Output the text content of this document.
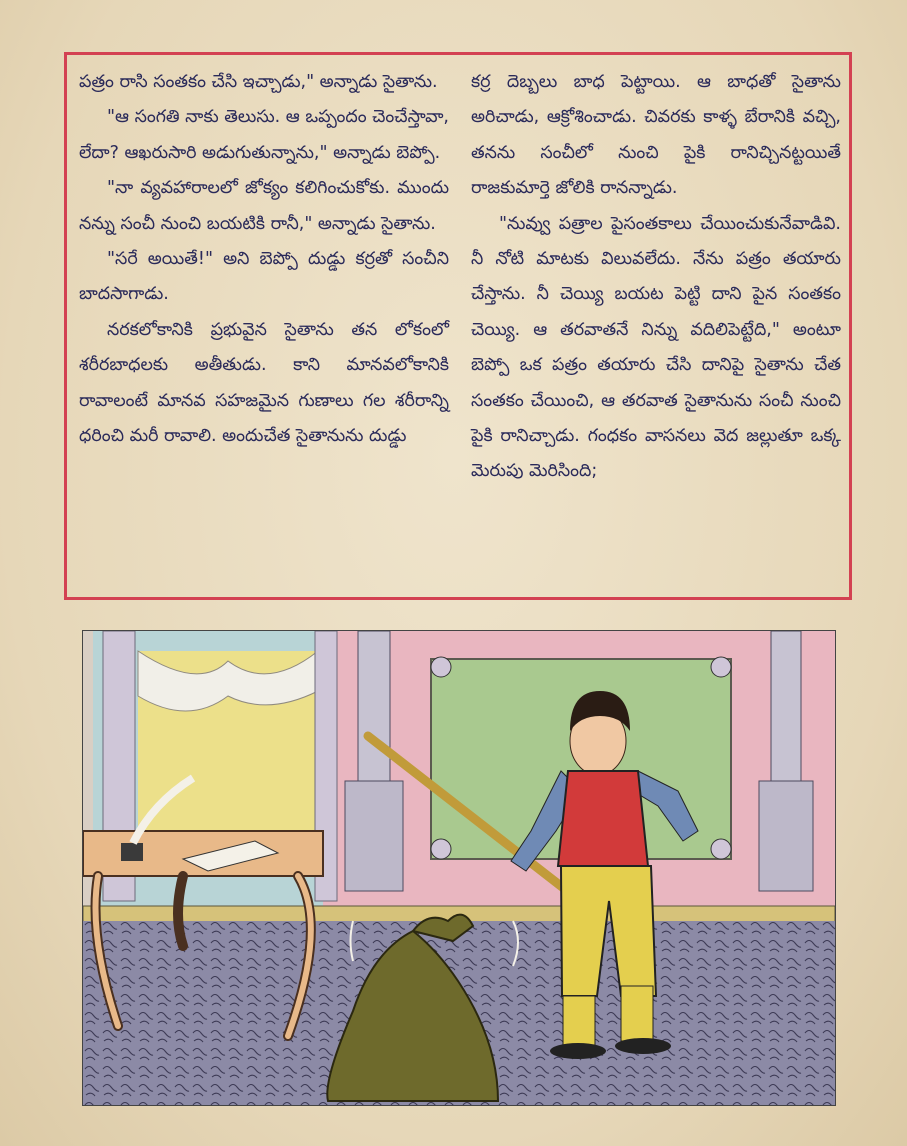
పత్రం రాసి సంతకం చేసి ఇచ్చాడు," అన్నాడు సైతాను.

"ఆ సంగతి నాకు తెలుసు. ఆ ఒప్పందం చెంచేస్తావా, లేదా? ఆఖరుసారి అడుగుతున్నాను," అన్నాడు బెప్పో.

"నా వ్యవహారాలలో జోక్యం కలిగించుకోకు. ముందు నన్ను సంచీ నుంచి బయటికి రానీ," అన్నాడు సైతాను.

"సరే అయితే!" అని బెప్పో దుడ్డు కర్రతో సంచీని బాదసాగాడు.

నరకలోకానికి ప్రభువైన సైతాను తన లోకంలో శరీరబాధలకు అతీతుడు. కాని మానవలోకానికి రావాలంటే మానవ సహజమైన గుణాలు గల శరీరాన్ని ధరించి మరీ రావాలి. అందుచేత సైతానును దుడ్డు

కర్ర దెబ్బలు బాధ పెట్టాయి. ఆ బాధతో సైతాను అరిచాడు, ఆక్రోశించాడు. చివరకు కాళ్ళ బేరానికి వచ్చి, తనను సంచీలో నుంచి పైకి రానిచ్చినట్టయితే రాజకుమార్తె జోలికి రానన్నాడు.

"నువ్వు పత్రాల పైసంతకాలు చేయించుకునేవాడివి. నీ నోటి మాటకు విలువలేదు. నేను పత్రం తయారు చేస్తాను. నీ చెయ్యి బయట పెట్టి దాని పైన సంతకం చెయ్యి. ఆ తరవాతనే నిన్ను వదిలిపెట్టేది," అంటూ బెప్పో ఒక పత్రం తయారు చేసి దానిపై సైతాను చేత సంతకం చేయించి, ఆ తరవాత సైతానును సంచీ నుంచి పైకి రానిచ్చాడు. గంధకం వాసనలు వెద జల్లుతూ ఒక్క మెరుపు మెరిసింది;
